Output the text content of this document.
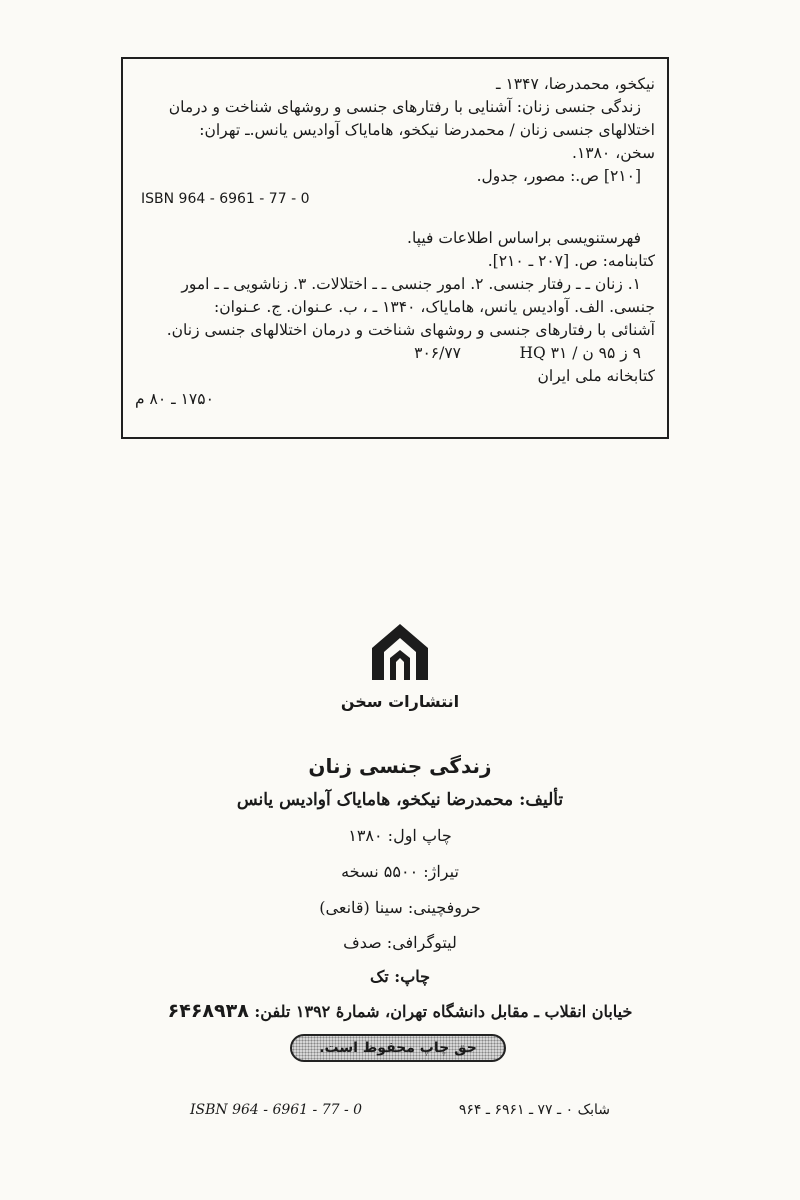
نیکخو، محمدرضا، ۱۳۴۷ ـ
زندگی جنسی زنان: آشنایی با رفتارهای جنسی و روشهای شناخت و درمان
اختلالهای جنسی زنان / محمدرضا نیکخو، هامایاک آوادیس یانس.ـ تهران:
سخن، ۱۳۸۰.
[۲۱۰] ص.: مصور، جدول.
ISBN 964 - 6961 - 77 - 0
فهرستنویسی براساس اطلاعات فیپا.
کتابنامه: ص. [۲۰۷ ـ ۲۱۰].
۱. زنان ـ ـ رفتار جنسی. ۲. امور جنسی ـ ـ اختلالات. ۳. زناشویی ـ ـ امور
جنسی. الف. آوادیس یانس، هامایاک، ۱۳۴۰ ـ ، ب. عـنوان. ج. عـنوان:
آشنائی با رفتارهای جنسی و روشهای شناخت و درمان اختلالهای جنسی زنان.
۹ ز ۹۵ ن / HQ ۳۱
۳۰۶/۷۷
کتابخانه ملی ایران
۱۷۵۰ ـ ۸۰ م
انتشارات سخن
زندگی جنسی زنان
تألیف: محمدرضا نیکخو، هامایاک آوادیس یانس
چاپ اول: ۱۳۸۰
تیراژ: ۵۵۰۰ نسخه
حروفچینی: سینا (قانعی)
لیتوگرافی: صدف
چاپ: تک
خیابان انقلاب ـ مقابل دانشگاه تهران، شمارهٔ ۱۳۹۲ تلفن: ۶۴۶۸۹۳۸
حق چاپ محفوظ است.
ISBN 964 - 6961 - 77 - 0	شابک ۰ ـ ۷۷ ـ ۶۹۶۱ ـ ۹۶۴
